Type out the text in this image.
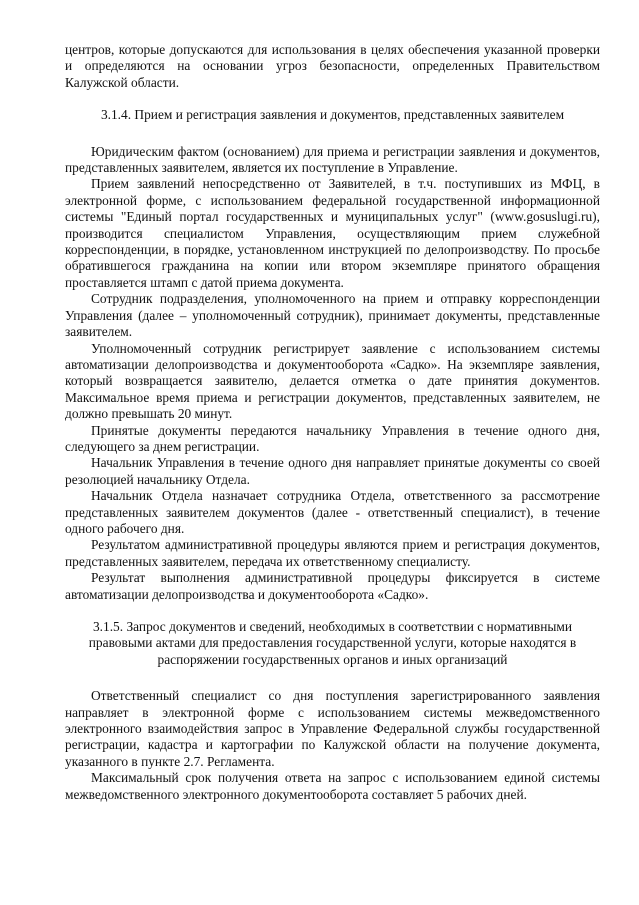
центров, которые допускаются для использования в целях обеспечения указанной проверки и определяются на основании угроз безопасности, определенных Правительством Калужской области.

3.1.4. Прием и регистрация заявления и документов, представленных заявителем

Юридическим фактом (основанием) для приема и регистрации заявления и документов, представленных заявителем, является их поступление в Управление.

Прием заявлений непосредственно от Заявителей, в т.ч. поступивших из МФЦ, в электронной форме, с использованием федеральной государственной информационной системы "Единый портал государственных и муниципальных услуг" (www.gosuslugi.ru), производится специалистом Управления, осуществляющим прием служебной корреспонденции, в порядке, установленном инструкцией по делопроизводству. По просьбе обратившегося гражданина на копии или втором экземпляре принятого обращения проставляется штамп с датой приема документа.

Сотрудник подразделения, уполномоченного на прием и отправку корреспонденции Управления (далее – уполномоченный сотрудник), принимает документы, представленные заявителем.

Уполномоченный сотрудник регистрирует заявление с использованием системы автоматизации делопроизводства и документооборота «Садко». На экземпляре заявления, который возвращается заявителю, делается отметка о дате принятия документов. Максимальное время приема и регистрации документов, представленных заявителем, не должно превышать 20 минут.

Принятые документы передаются начальнику Управления в течение одного дня, следующего за днем регистрации.

Начальник Управления в течение одного дня направляет принятые документы со своей резолюцией начальнику Отдела.

Начальник Отдела назначает сотрудника Отдела, ответственного за рассмотрение представленных заявителем документов (далее - ответственный специалист), в течение одного рабочего дня.

Результатом административной процедуры являются прием и регистрация документов, представленных заявителем, передача их ответственному специалисту.

Результат выполнения административной процедуры фиксируется в системе автоматизации делопроизводства и документооборота «Садко».

3.1.5. Запрос документов и сведений, необходимых в соответствии с нормативными

правовыми актами для предоставления государственной услуги, которые находятся в

распоряжении государственных органов и иных организаций

Ответственный специалист со дня поступления зарегистрированного заявления направляет в электронной форме с использованием системы межведомственного электронного взаимодействия запрос в Управление Федеральной службы государственной регистрации, кадастра и картографии по Калужской области на получение документа, указанного в пункте 2.7. Регламента.

Максимальный срок получения ответа на запрос с использованием единой системы межведомственного электронного документооборота составляет 5 рабочих дней.
